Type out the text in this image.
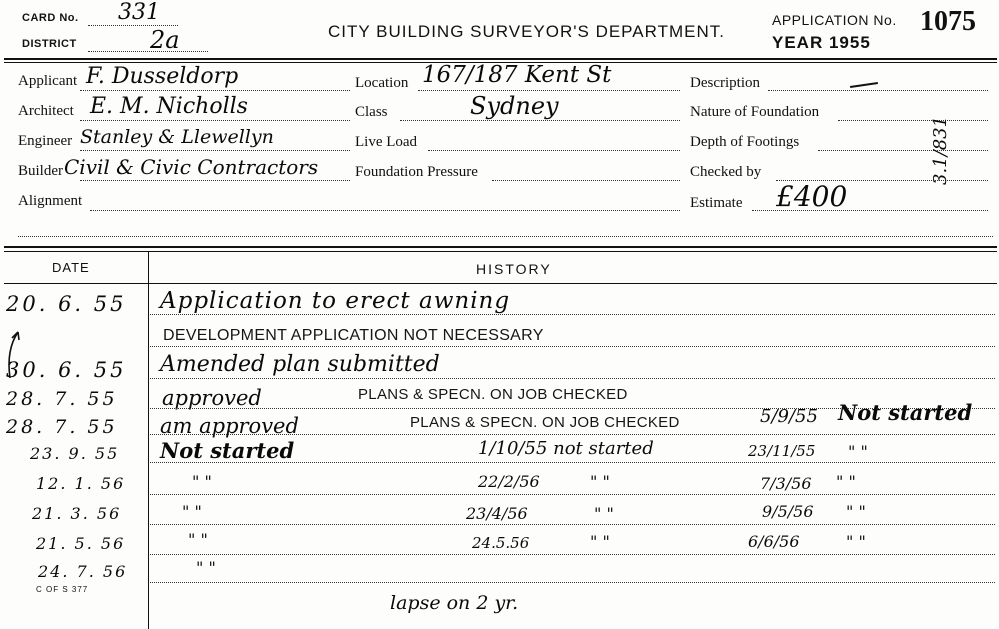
CARD No. 331
DISTRICT	2a	CITY BUILDING SURVEYOR'S DEPARTMENT.
APPLICATION No. 1075
YEAR 1955
Applicant F. Dusseldorp
Architect E. M. Nicholls
Engineer Stanley & Llewellyn
Builder Civil & Civic Contractors
Alignment
Location 167/187 Kent St
Class	Sydney
Live Load
Foundation Pressure
Description
Nature of Foundation
Depth of Footings
Checked by
Estimate £400
3.1/831
DATE	HISTORY
20. 6. 55 Application to erect awning
DEVELOPMENT APPLICATION NOT NECESSARY
30. 6. 55 Amended plan submitted
28. 7. 55 approved	PLANS & SPECN. ON JOB CHECKED
28. 7. 55 am approved	PLANS & SPECN. ON JOB CHECKED	5/9/55 Not started
23. 9. 55 Not started	1/10/55 not started	23/11/55 " "
12. 1. 56	" "	22/2/56	" "	7/3/56 " "
21. 3. 56	" "	23/4/56	" "	9/5/56 " "
21. 5. 56	" "	24.5.56	" "	6/6/56	" "
24. 7. 56	" "
C OF S 377
lapse on 2 yr.
